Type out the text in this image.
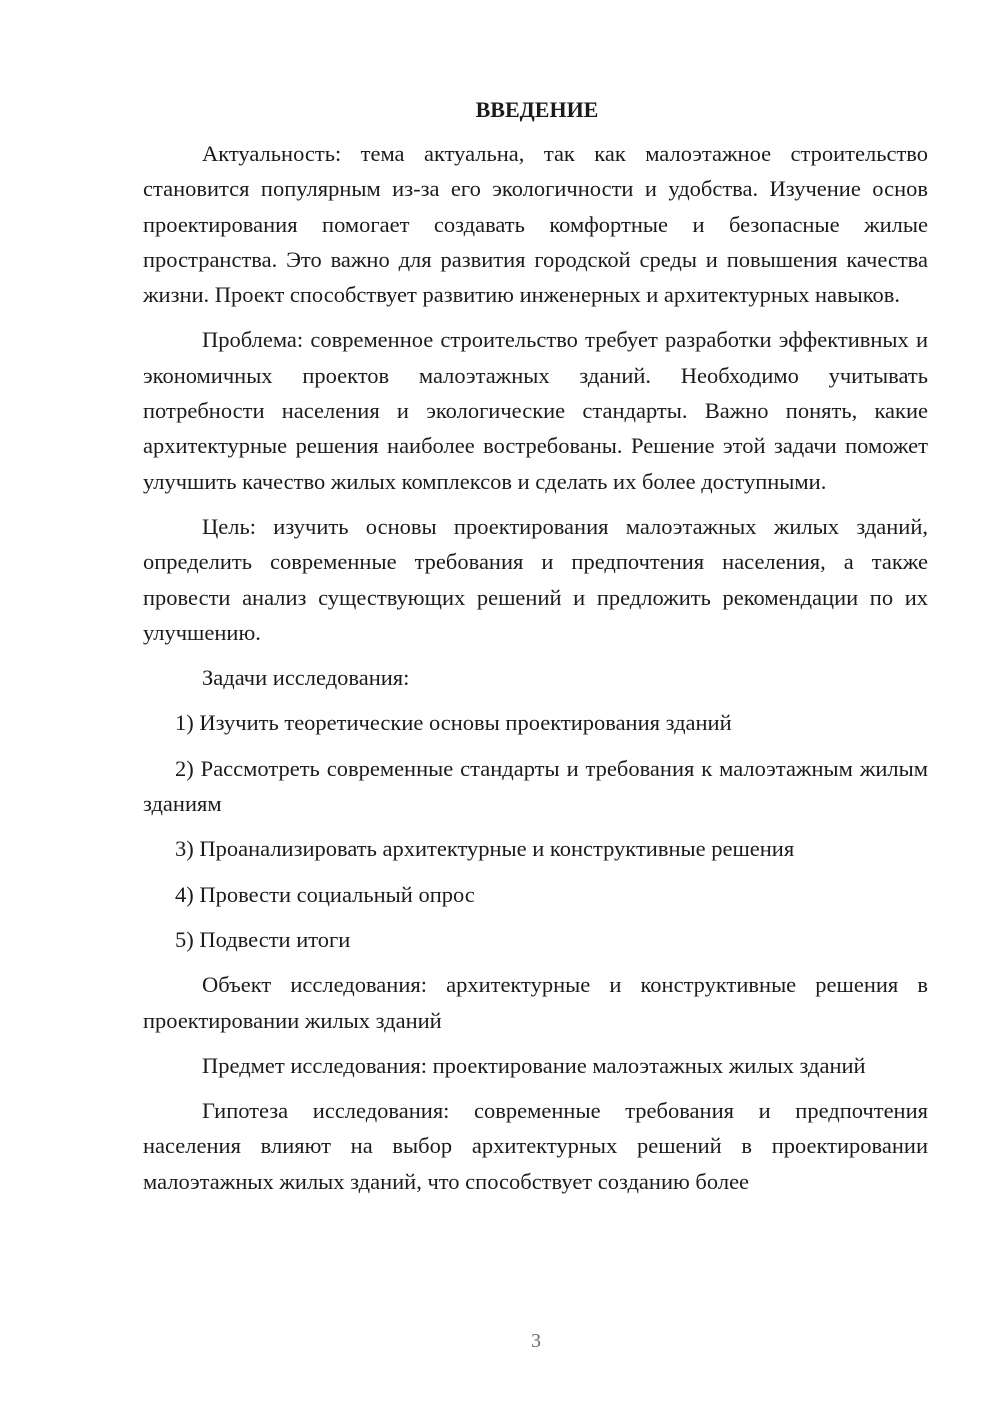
ВВЕДЕНИЕ

Актуальность: тема актуальна, так как малоэтажное строительство становится популярным из-за его экологичности и удобства. Изучение основ проектирования помогает создавать комфортные и безопасные жилые пространства. Это важно для развития городской среды и повышения качества жизни. Проект способствует развитию инженерных и архитектурных навыков.

Проблема: современное строительство требует разработки эффективных и экономичных проектов малоэтажных зданий. Необходимо учитывать потребности населения и экологические стандарты. Важно понять, какие архитектурные решения наиболее востребованы. Решение этой задачи поможет улучшить качество жилых комплексов и сделать их более доступными.

Цель: изучить основы проектирования малоэтажных жилых зданий, определить современные требования и предпочтения населения, а также провести анализ существующих решений и предложить рекомендации по их улучшению.

Задачи исследования:

1) Изучить теоретические основы проектирования зданий

2) Рассмотреть современные стандарты и требования к малоэтажным жилым зданиям

3) Проанализировать архитектурные и конструктивные решения

4) Провести социальный опрос

5) Подвести итоги

Объект исследования: архитектурные и конструктивные решения в проектировании жилых зданий

Предмет исследования: проектирование малоэтажных жилых зданий

Гипотеза исследования: современные требования и предпочтения населения влияют на выбор архитектурных решений в проектировании малоэтажных жилых зданий, что способствует созданию более

3
